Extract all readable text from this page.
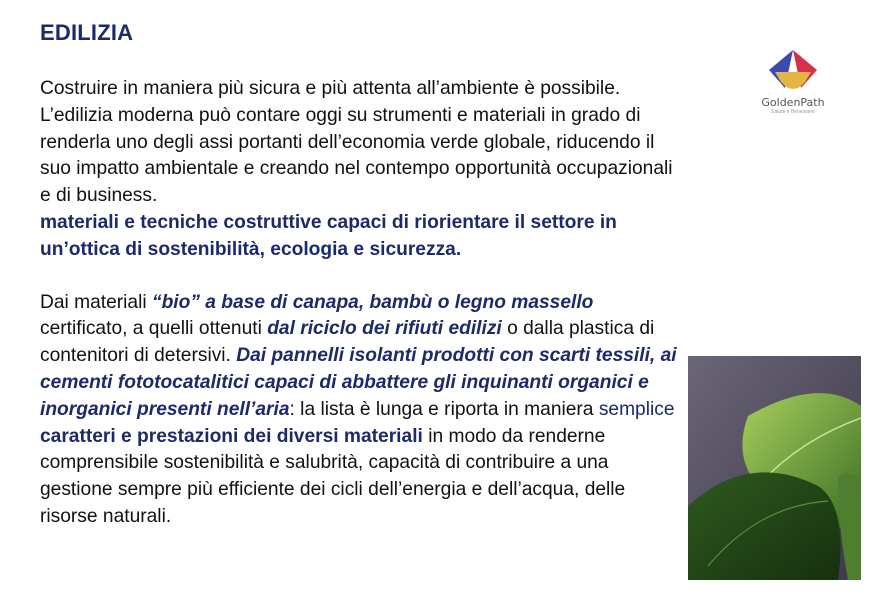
EDILIZIA

Costruire in maniera più sicura e più attenta all’ambiente è possibile. L’edilizia moderna può contare oggi su strumenti e materiali in grado di renderla uno degli assi portanti dell’economia verde globale, riducendo il suo impatto ambientale e creando nel contempo opportunità occupazionali e di business.
materiali e tecniche costruttive capaci di riorientare il settore in un’ottica di sostenibilità, ecologia e sicurezza.

Dai materiali “bio” a base di canapa, bambù o legno massello certificato, a quelli ottenuti dal riciclo dei rifiuti edilizi o dalla plastica di contenitori di detersivi. Dai pannelli isolanti prodotti con scarti tessili, ai cementi fototocatalitici capaci di abbattere gli inquinanti organici e inorganici presenti nell’aria: la lista è lunga e riporta in maniera semplice caratteri e prestazioni dei diversi materiali in modo da renderne comprensibile sostenibilità e salubrità, capacità di contribuire a una gestione sempre più efficiente dei cicli dell’energia e dell’acqua, delle risorse naturali.

GoldenPath
Salute e Benessere
